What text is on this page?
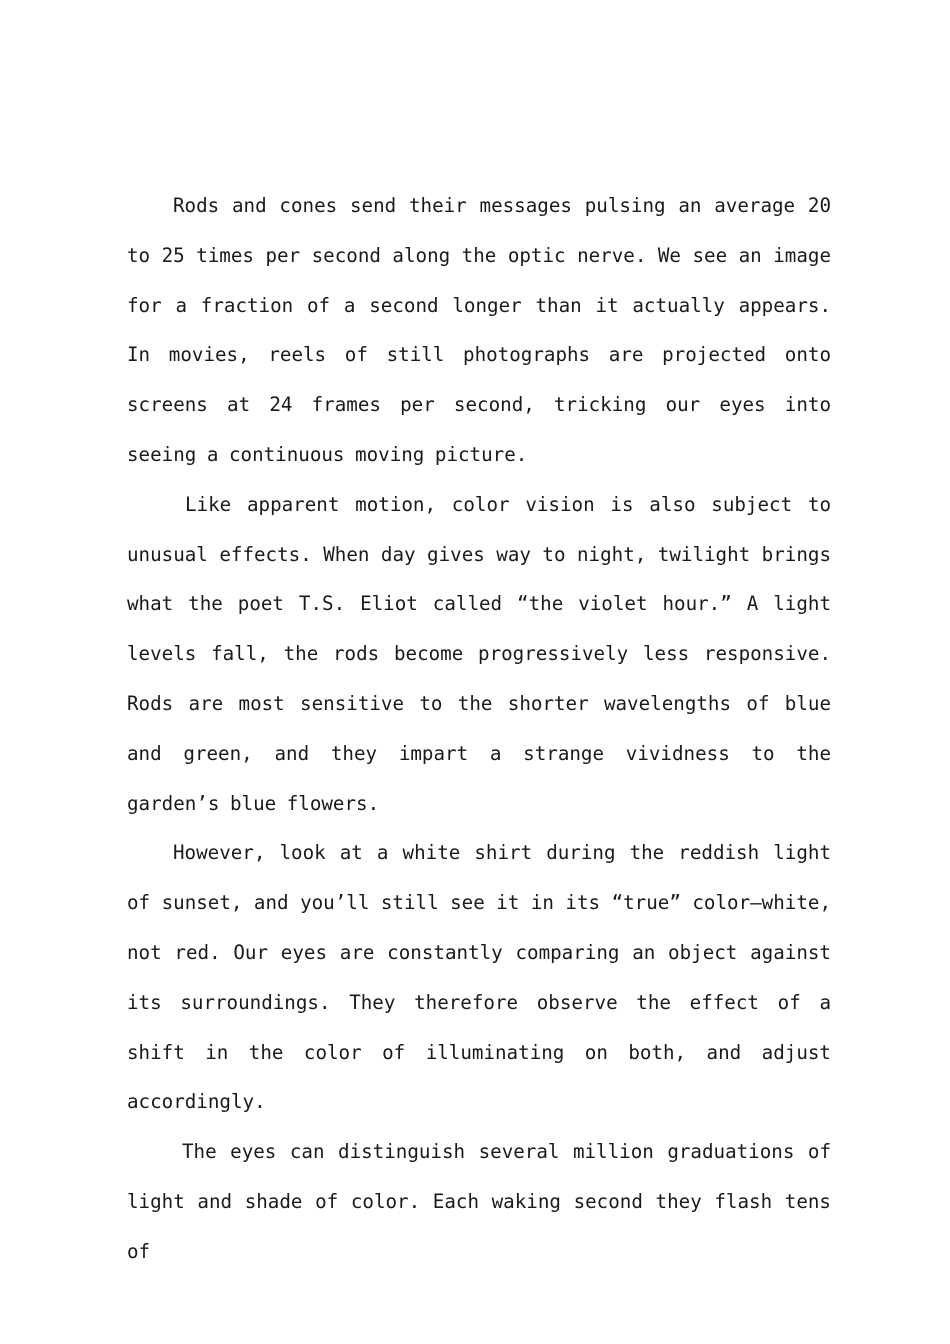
Rods and cones send their messages pulsing an average 20 to 25 times per second along the optic nerve. We see an image for a fraction of a second longer than it actually appears. In movies, reels of still photographs are projected onto screens at 24 frames per second, tricking our eyes into seeing a continuous moving picture.

Like apparent motion, color vision is also subject to unusual effects. When day gives way to night, twilight brings what the poet T.S. Eliot called “the violet hour.” A light levels fall, the rods become progressively less responsive. Rods are most sensitive to the shorter wavelengths of blue and green, and they impart a strange vividness to the garden’s blue flowers.

However, look at a white shirt during the reddish light of sunset, and you’ll still see it in its “true” color—white, not red. Our eyes are constantly comparing an object against its surroundings. They therefore observe the effect of a shift in the color of illuminating on both, and adjust accordingly.

The eyes can distinguish several million graduations of light and shade of color. Each waking second they flash tens of
